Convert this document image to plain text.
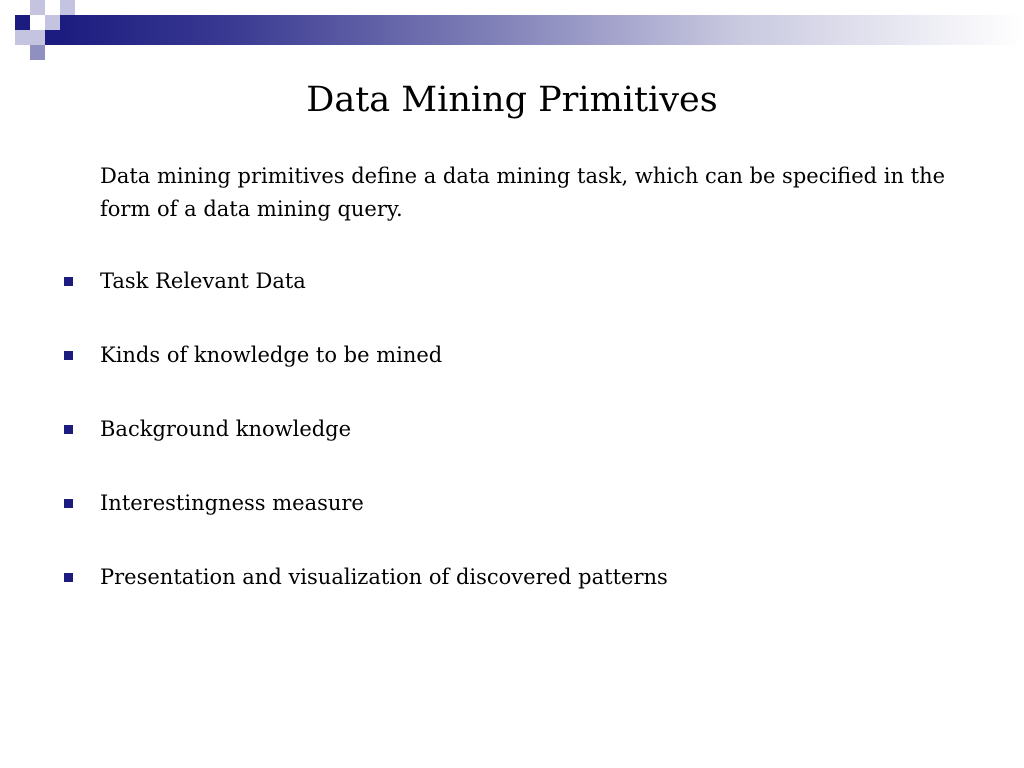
Data Mining Primitives
Data mining primitives define a data mining task, which can be specified in the form of a data mining query.
Task Relevant Data
Kinds of knowledge to be mined
Background knowledge
Interestingness measure
Presentation and visualization of discovered patterns
